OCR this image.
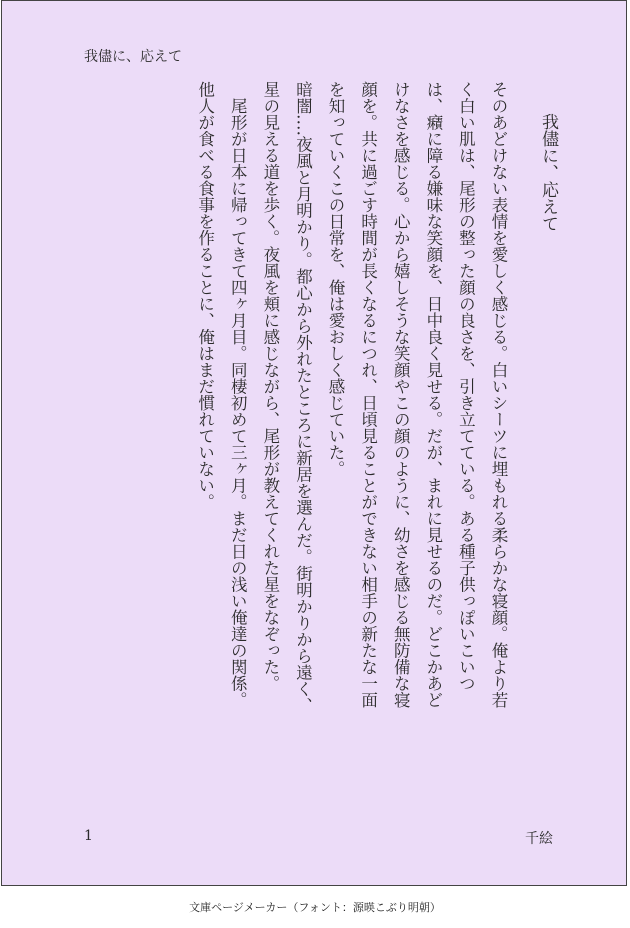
我儘に、応えて
我儘に、応えて

そのあどけない表情を愛しく感じる。白いシーツに埋もれる柔らかな寝顔。俺より若く白い肌は、尾形の整った顔の良さを、引き立てている。ある種子供っぽいこいつは、癪に障る嫌味な笑顔を、日中良く見せる。だが、まれに見せるのだ。どこかあどけなさを感じる。心から嬉しそうな笑顔やこの顔のように、幼さを感じる無防備な寝顔を。共に過ごす時間が長くなるにつれ、日頃見ることができない相手の新たな一面を知っていくこの日常を、俺は愛おしく感じていた。

暗闇‥‥夜風と月明かり。都心から外れたところに新居を選んだ。街明かりから遠く、星の見える道を歩く。夜風を頬に感じながら、尾形が教えてくれた星をなぞった。

　尾形が日本に帰ってきて四ヶ月目。同棲初めて三ヶ月。まだ日の浅い俺達の関係。他人が食べる食事を作ることに、俺はまだ慣れていない。

1	千絵
文庫ページメーカー（フォント：源暎こぶり明朝）
